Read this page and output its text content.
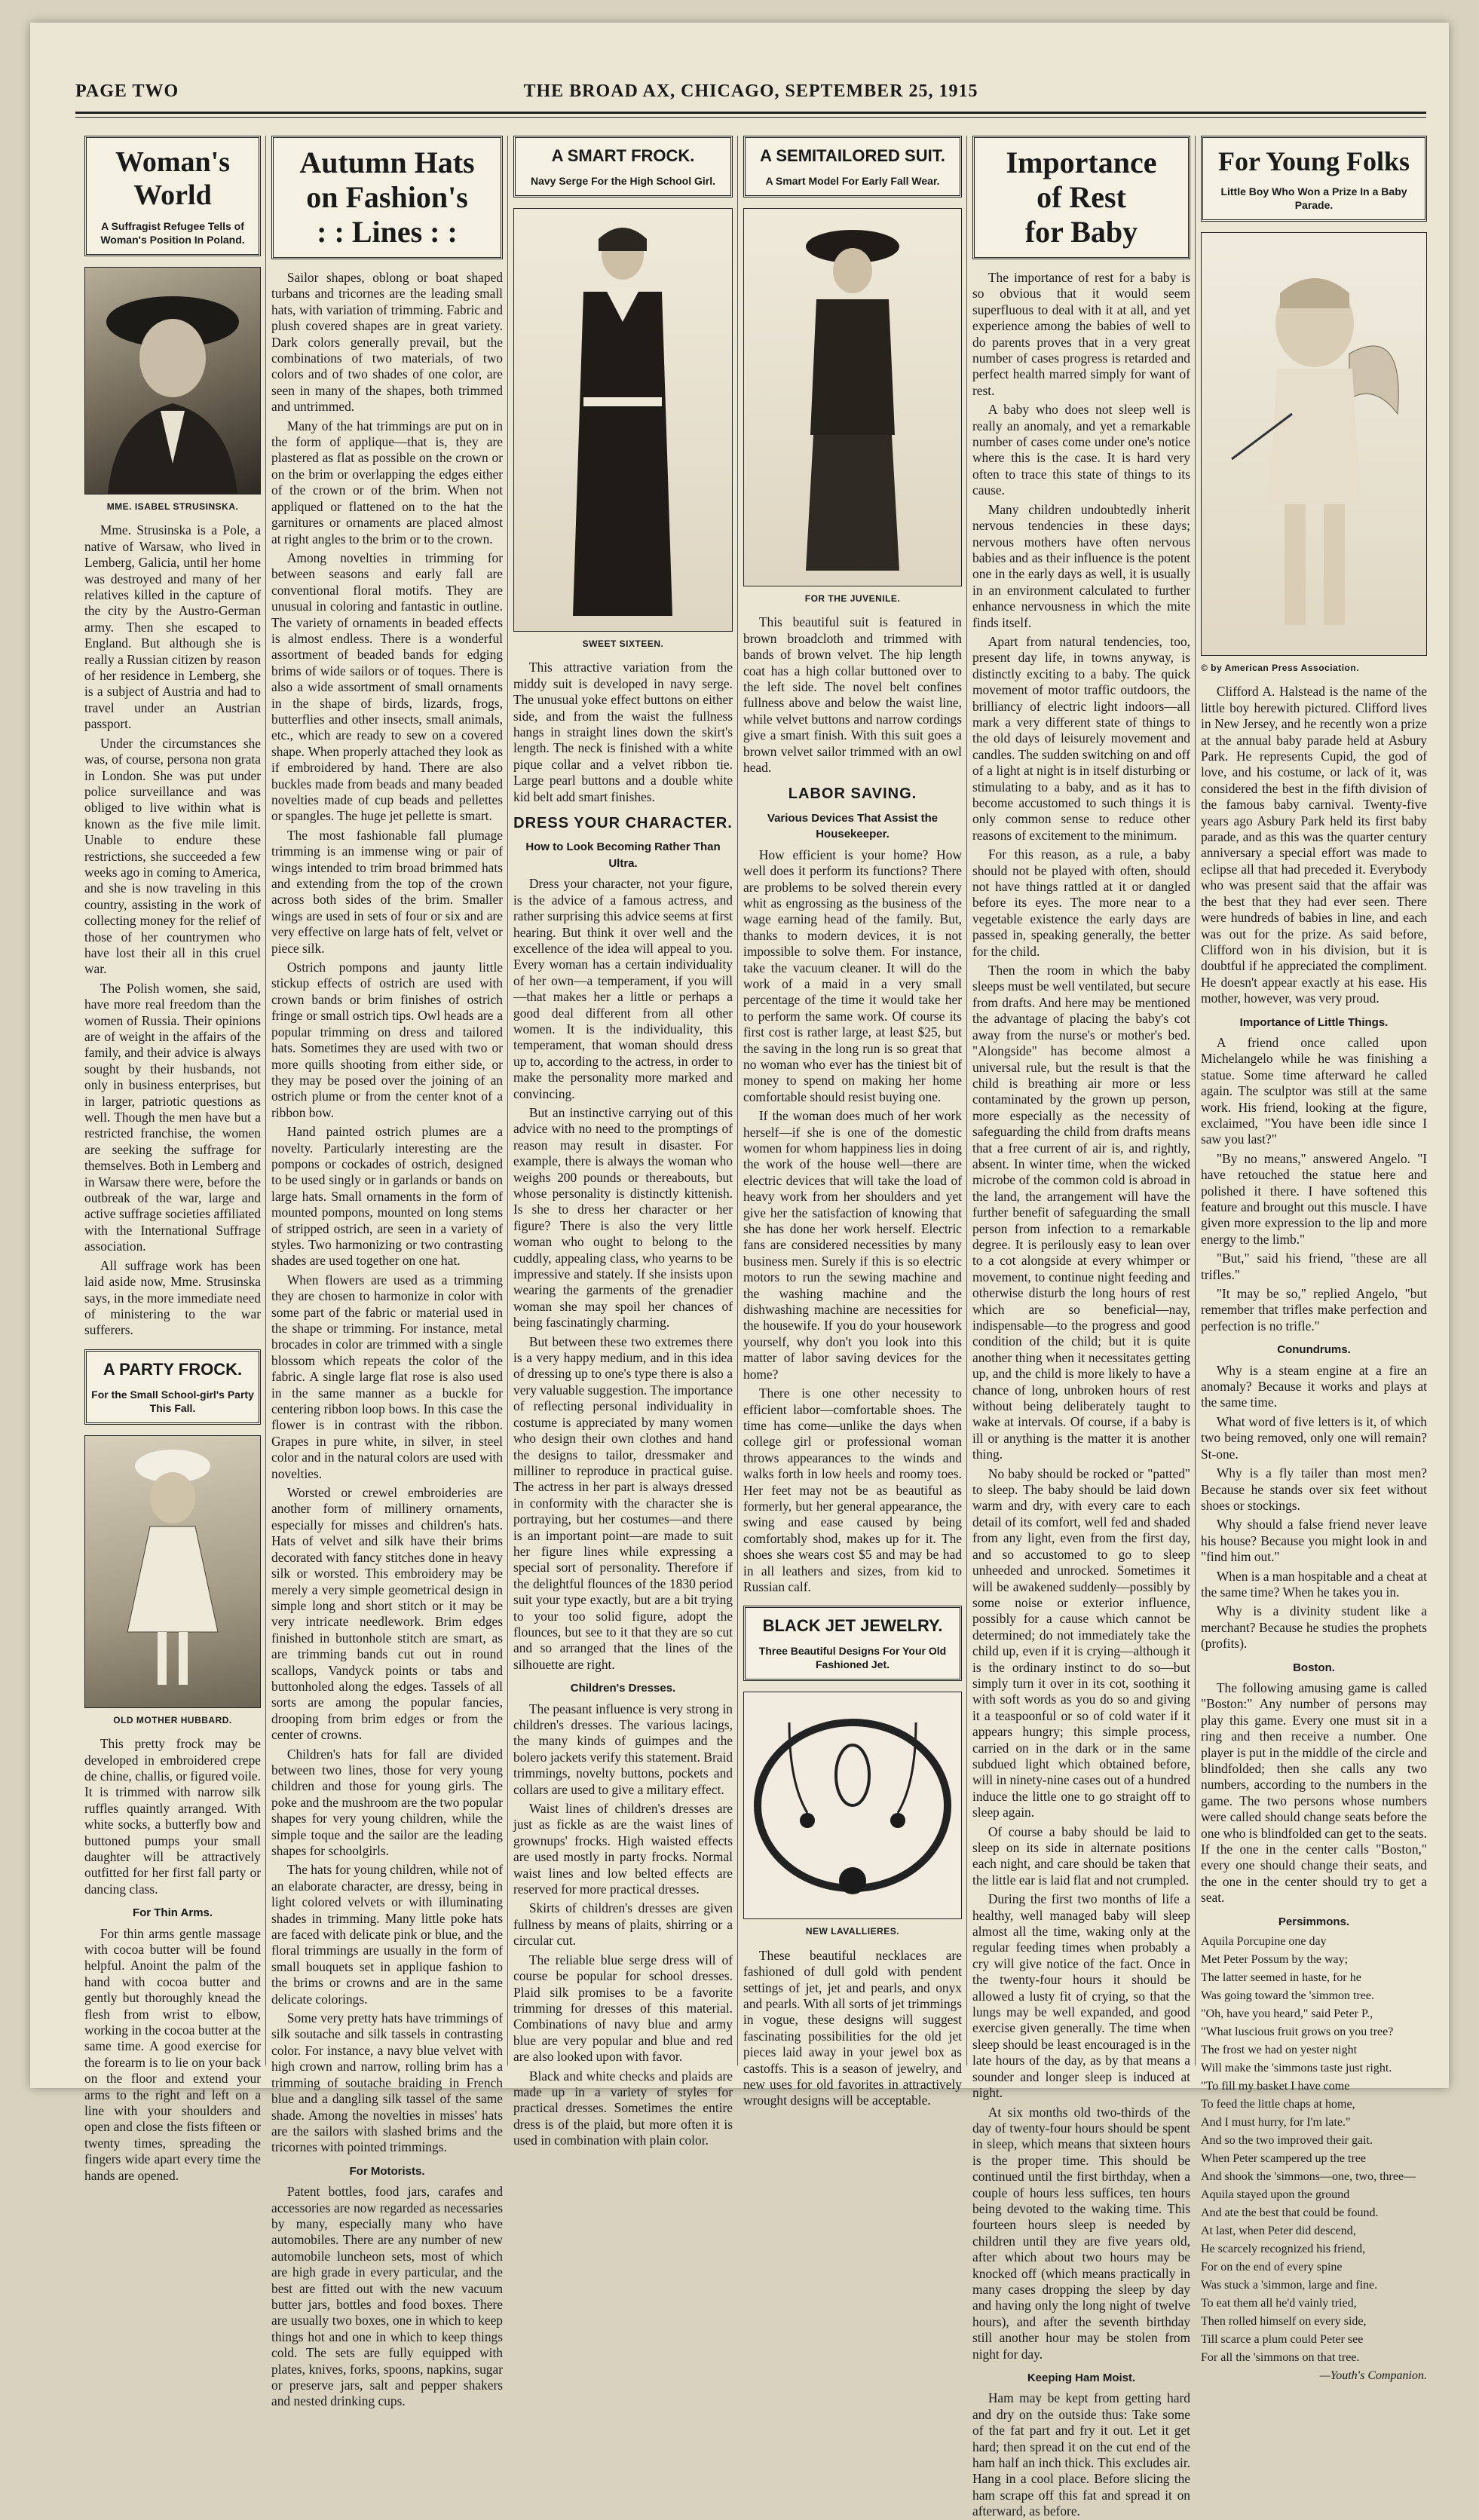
PAGE TWO	THE BROAD AX, CHICAGO, SEPTEMBER 25, 1915
Woman's World
A Suffragist Refugee Tells of Woman's Position In Poland.
MME. ISABEL STRUSINSKA.

Mme. Strusinska is a Pole, a native of Warsaw, who lived in Lemberg, Galicia, until her home was destroyed and many of her relatives killed in the capture of the city by the Austro-German army. Then she escaped to England. But although she is really a Russian citizen by reason of her residence in Lemberg, she is a subject of Austria and had to travel under an Austrian passport.

Under the circumstances she was, of course, persona non grata in London. She was put under police surveillance and was obliged to live within what is known as the five mile limit. Unable to endure these restrictions, she succeeded a few weeks ago in coming to America, and she is now traveling in this country, assisting in the work of collecting money for the relief of those of her countrymen who have lost their all in this cruel war.

The Polish women, she said, have more real freedom than the women of Russia. Their opinions are of weight in the affairs of the family, and their advice is always sought by their husbands, not only in business enterprises, but in larger, patriotic questions as well. Though the men have but a restricted franchise, the women are seeking the suffrage for themselves. Both in Lemberg and in Warsaw there were, before the outbreak of the war, large and active suffrage societies affiliated with the International Suffrage association.

All suffrage work has been laid aside now, Mme. Strusinska says, in the more immediate need of ministering to the war sufferers.

A PARTY FROCK.
For the Small School-girl's Party This Fall.
OLD MOTHER HUBBARD.

This pretty frock may be developed in embroidered crepe de chine, challis, or figured voile. It is trimmed with narrow silk ruffles quaintly arranged. With white socks, a butterfly bow and buttoned pumps your small daughter will be attractively outfitted for her first fall party or dancing class.

For Thin Arms.

For thin arms gentle massage with cocoa butter will be found helpful. Anoint the palm of the hand with cocoa butter and gently but thoroughly knead the flesh from wrist to elbow, working in the cocoa butter at the same time. A good exercise for the forearm is to lie on your back on the floor and extend your arms to the right and left on a line with your shoulders and open and close the fists fifteen or twenty times, spreading the fingers wide apart every time the hands are opened.

Autumn Hats
on Fashion's
: : Lines : :

Sailor shapes, oblong or boat shaped turbans and tricornes are the leading small hats, with variation of trimming. Fabric and plush covered shapes are in great variety. Dark colors generally prevail, but the combinations of two materials, of two colors and of two shades of one color, are seen in many of the shapes, both trimmed and untrimmed.

Many of the hat trimmings are put on in the form of applique—that is, they are plastered as flat as possible on the crown or on the brim or overlapping the edges either of the crown or of the brim. When not appliqued or flattened on to the hat the garnitures or ornaments are placed almost at right angles to the brim or to the crown.

Among novelties in trimming for between seasons and early fall are conventional floral motifs. They are unusual in coloring and fantastic in outline. The variety of ornaments in beaded effects is almost endless. There is a wonderful assortment of beaded bands for edging brims of wide sailors or of toques. There is also a wide assortment of small ornaments in the shape of birds, lizards, frogs, butterflies and other insects, small animals, etc., which are ready to sew on a covered shape. When properly attached they look as if embroidered by hand. There are also buckles made from beads and many beaded novelties made of cup beads and pellettes or spangles. The huge jet pellette is smart.

The most fashionable fall plumage trimming is an immense wing or pair of wings intended to trim broad brimmed hats and extending from the top of the crown across both sides of the brim. Smaller wings are used in sets of four or six and are very effective on large hats of felt, velvet or piece silk.

Ostrich pompons and jaunty little stickup effects of ostrich are used with crown bands or brim finishes of ostrich fringe or small ostrich tips. Owl heads are a popular trimming on dress and tailored hats. Sometimes they are used with two or more quills shooting from either side, or they may be posed over the joining of an ostrich plume or from the center knot of a ribbon bow.

Hand painted ostrich plumes are a novelty. Particularly interesting are the pompons or cockades of ostrich, designed to be used singly or in garlands or bands on large hats. Small ornaments in the form of mounted pompons, mounted on long stems of stripped ostrich, are seen in a variety of styles. Two harmonizing or two contrasting shades are used together on one hat.

When flowers are used as a trimming they are chosen to harmonize in color with some part of the fabric or material used in the shape or trimming. For instance, metal brocades in color are trimmed with a single blossom which repeats the color of the fabric. A single large flat rose is also used in the same manner as a buckle for centering ribbon loop bows. In this case the flower is in contrast with the ribbon. Grapes in pure white, in silver, in steel color and in the natural colors are used with novelties.

Worsted or crewel embroideries are another form of millinery ornaments, especially for misses and children's hats. Hats of velvet and silk have their brims decorated with fancy stitches done in heavy silk or worsted. This embroidery may be merely a very simple geometrical design in simple long and short stitch or it may be very intricate needlework. Brim edges finished in buttonhole stitch are smart, as are trimming bands cut out in round scallops, Vandyck points or tabs and buttonholed along the edges. Tassels of all sorts are among the popular fancies, drooping from brim edges or from the center of crowns.

Children's hats for fall are divided between two lines, those for very young children and those for young girls. The poke and the mushroom are the two popular shapes for very young children, while the simple toque and the sailor are the leading shapes for schoolgirls.

The hats for young children, while not of an elaborate character, are dressy, being in light colored velvets or with illuminating shades in trimming. Many little poke hats are faced with delicate pink or blue, and the floral trimmings are usually in the form of small bouquets set in applique fashion to the brims or crowns and are in the same delicate colorings.

Some very pretty hats have trimmings of silk soutache and silk tassels in contrasting color. For instance, a navy blue velvet with high crown and narrow, rolling brim has a trimming of soutache braiding in French blue and a dangling silk tassel of the same shade. Among the novelties in misses' hats are the sailors with slashed brims and the tricornes with pointed trimmings.

For Motorists.

Patent bottles, food jars, carafes and accessories are now regarded as necessaries by many, especially many who have automobiles. There are any number of new automobile luncheon sets, most of which are high grade in every particular, and the best are fitted out with the new vacuum butter jars, bottles and food boxes. There are usually two boxes, one in which to keep things hot and one in which to keep things cold. The sets are fully equipped with plates, knives, forks, spoons, napkins, sugar or preserve jars, salt and pepper shakers and nested drinking cups.

A SMART FROCK.
Navy Serge For the High School Girl.
SWEET SIXTEEN.

This attractive variation from the middy suit is developed in navy serge. The unusual yoke effect buttons on either side, and from the waist the fullness hangs in straight lines down the skirt's length. The neck is finished with a white pique collar and a velvet ribbon tie. Large pearl buttons and a double white kid belt add smart finishes.

DRESS YOUR CHARACTER.
How to Look Becoming Rather Than Ultra.

Dress your character, not your figure, is the advice of a famous actress, and rather surprising this advice seems at first hearing. But think it over well and the excellence of the idea will appeal to you. Every woman has a certain individuality of her own—a temperament, if you will—that makes her a little or perhaps a good deal different from all other women. It is the individuality, this temperament, that woman should dress up to, according to the actress, in order to make the personality more marked and convincing.

But an instinctive carrying out of this advice with no need to the promptings of reason may result in disaster. For example, there is always the woman who weighs 200 pounds or thereabouts, but whose personality is distinctly kittenish. Is she to dress her character or her figure? There is also the very little woman who ought to belong to the cuddly, appealing class, who yearns to be impressive and stately. If she insists upon wearing the garments of the grenadier woman she may spoil her chances of being fascinatingly charming.

But between these two extremes there is a very happy medium, and in this idea of dressing up to one's type there is also a very valuable suggestion. The importance of reflecting personal individuality in costume is appreciated by many women who design their own clothes and hand the designs to tailor, dressmaker and milliner to reproduce in practical guise. The actress in her part is always dressed in conformity with the character she is portraying, but her costumes—and there is an important point—are made to suit her figure lines while expressing a special sort of personality. Therefore if the delightful flounces of the 1830 period suit your type exactly, but are a bit trying to your too solid figure, adopt the flounces, but see to it that they are so cut and so arranged that the lines of the silhouette are right.

Children's Dresses.

The peasant influence is very strong in children's dresses. The various lacings, the many kinds of guimpes and the bolero jackets verify this statement. Braid trimmings, novelty buttons, pockets and collars are used to give a military effect.

Waist lines of children's dresses are just as fickle as are the waist lines of grownups' frocks. High waisted effects are used mostly in party frocks. Normal waist lines and low belted effects are reserved for more practical dresses.

Skirts of children's dresses are given fullness by means of plaits, shirring or a circular cut.

The reliable blue serge dress will of course be popular for school dresses. Plaid silk promises to be a favorite trimming for dresses of this material. Combinations of navy blue and army blue are very popular and blue and red are also looked upon with favor.

Black and white checks and plaids are made up in a variety of styles for practical dresses. Sometimes the entire dress is of the plaid, but more often it is used in combination with plain color.

A SEMITAILORED SUIT.
A Smart Model For Early Fall Wear.
FOR THE JUVENILE.

This beautiful suit is featured in brown broadcloth and trimmed with bands of brown velvet. The hip length coat has a high collar buttoned over to the left side. The novel belt confines fullness above and below the waist line, while velvet buttons and narrow cordings give a smart finish. With this suit goes a brown velvet sailor trimmed with an owl head.

LABOR SAVING.
Various Devices That Assist the Housekeeper.

How efficient is your home? How well does it perform its functions? There are problems to be solved therein every whit as engrossing as the business of the wage earning head of the family. But, thanks to modern devices, it is not impossible to solve them. For instance, take the vacuum cleaner. It will do the work of a maid in a very small percentage of the time it would take her to perform the same work. Of course its first cost is rather large, at least $25, but the saving in the long run is so great that no woman who ever has the tiniest bit of money to spend on making her home comfortable should resist buying one.

If the woman does much of her work herself—if she is one of the domestic women for whom happiness lies in doing the work of the house well—there are electric devices that will take the load of heavy work from her shoulders and yet give her the satisfaction of knowing that she has done her work herself. Electric fans are considered necessities by many business men. Surely if this is so electric motors to run the sewing machine and the washing machine and the dishwashing machine are necessities for the housewife. If you do your housework yourself, why don't you look into this matter of labor saving devices for the home?

There is one other necessity to efficient labor—comfortable shoes. The time has come—unlike the days when college girl or professional woman throws appearances to the winds and walks forth in low heels and roomy toes. Her feet may not be as beautiful as formerly, but her general appearance, the swing and ease caused by being comfortably shod, makes up for it. The shoes she wears cost $5 and may be had in all leathers and sizes, from kid to Russian calf.

BLACK JET JEWELRY.
Three Beautiful Designs For Your Old Fashioned Jet.
NEW LAVALLIERES.

These beautiful necklaces are fashioned of dull gold with pendent settings of jet, jet and pearls, and onyx and pearls. With all sorts of jet trimmings in vogue, these designs will suggest fascinating possibilities for the old jet pieces laid away in your jewel box as castoffs. This is a season of jewelry, and new uses for old favorites in attractively wrought designs will be acceptable.

Importance
of Rest
for Baby

The importance of rest for a baby is so obvious that it would seem superfluous to deal with it at all, and yet experience among the babies of well to do parents proves that in a very great number of cases progress is retarded and perfect health marred simply for want of rest.

A baby who does not sleep well is really an anomaly, and yet a remarkable number of cases come under one's notice where this is the case. It is hard very often to trace this state of things to its cause.

Many children undoubtedly inherit nervous tendencies in these days; nervous mothers have often nervous babies and as their influence is the potent one in the early days as well, it is usually in an environment calculated to further enhance nervousness in which the mite finds itself.

Apart from natural tendencies, too, present day life, in towns anyway, is distinctly exciting to a baby. The quick movement of motor traffic outdoors, the brilliancy of electric light indoors—all mark a very different state of things to the old days of leisurely movement and candles. The sudden switching on and off of a light at night is in itself disturbing or stimulating to a baby, and as it has to become accustomed to such things it is only common sense to reduce other reasons of excitement to the minimum.

For this reason, as a rule, a baby should not be played with often, should not have things rattled at it or dangled before its eyes. The more near to a vegetable existence the early days are passed in, speaking generally, the better for the child.

Then the room in which the baby sleeps must be well ventilated, but secure from drafts. And here may be mentioned the advantage of placing the baby's cot away from the nurse's or mother's bed. "Alongside" has become almost a universal rule, but the result is that the child is breathing air more or less contaminated by the grown up person, more especially as the necessity of safeguarding the child from drafts means that a free current of air is, and rightly, absent. In winter time, when the wicked microbe of the common cold is abroad in the land, the arrangement will have the further benefit of safeguarding the small person from infection to a remarkable degree. It is perilously easy to lean over to a cot alongside at every whimper or movement, to continue night feeding and otherwise disturb the long hours of rest which are so beneficial—nay, indispensable—to the progress and good condition of the child; but it is quite another thing when it necessitates getting up, and the child is more likely to have a chance of long, unbroken hours of rest without being deliberately taught to wake at intervals. Of course, if a baby is ill or anything is the matter it is another thing.

No baby should be rocked or "patted" to sleep. The baby should be laid down warm and dry, with every care to each detail of its comfort, well fed and shaded from any light, even from the first day, and so accustomed to go to sleep unheeded and unrocked. Sometimes it will be awakened suddenly—possibly by some noise or exterior influence, possibly for a cause which cannot be determined; do not immediately take the child up, even if it is crying—although it is the ordinary instinct to do so—but simply turn it over in its cot, soothing it with soft words as you do so and giving it a teaspoonful or so of cold water if it appears hungry; this simple process, carried on in the dark or in the same subdued light which obtained before, will in ninety-nine cases out of a hundred induce the little one to go straight off to sleep again.

Of course a baby should be laid to sleep on its side in alternate positions each night, and care should be taken that the little ear is laid flat and not crumpled.

During the first two months of life a healthy, well managed baby will sleep almost all the time, waking only at the regular feeding times when probably a cry will give notice of the fact. Once in the twenty-four hours it should be allowed a lusty fit of crying, so that the lungs may be well expanded, and good exercise given generally. The time when sleep should be least encouraged is in the late hours of the day, as by that means a sounder and longer sleep is induced at night.

At six months old two-thirds of the day of twenty-four hours should be spent in sleep, which means that sixteen hours is the proper time. This should be continued until the first birthday, when a couple of hours less suffices, ten hours being devoted to the waking time. This fourteen hours sleep is needed by children until they are five years old, after which about two hours may be knocked off (which means practically in many cases dropping the sleep by day and having only the long night of twelve hours), and after the seventh birthday still another hour may be stolen from night for day.

Keeping Ham Moist.

Ham may be kept from getting hard and dry on the outside thus: Take some of the fat part and fry it out. Let it get hard; then spread it on the cut end of the ham half an inch thick. This excludes air. Hang in a cool place. Before slicing the ham scrape off this fat and spread it on afterward, as before.

For Young Folks
Little Boy Who Won a Prize In a Baby Parade.
© by American Press Association.

Clifford A. Halstead is the name of the little boy herewith pictured. Clifford lives in New Jersey, and he recently won a prize at the annual baby parade held at Asbury Park. He represents Cupid, the god of love, and his costume, or lack of it, was considered the best in the fifth division of the famous baby carnival. Twenty-five years ago Asbury Park held its first baby parade, and as this was the quarter century anniversary a special effort was made to eclipse all that had preceded it. Everybody who was present said that the affair was the best that they had ever seen. There were hundreds of babies in line, and each was out for the prize. As said before, Clifford won in his division, but it is doubtful if he appreciated the compliment. He doesn't appear exactly at his ease. His mother, however, was very proud.

Importance of Little Things.

A friend once called upon Michelangelo while he was finishing a statue. Some time afterward he called again. The sculptor was still at the same work. His friend, looking at the figure, exclaimed, "You have been idle since I saw you last?"

"By no means," answered Angelo. "I have retouched the statue here and polished it there. I have softened this feature and brought out this muscle. I have given more expression to the lip and more energy to the limb."

"But," said his friend, "these are all trifles."

"It may be so," replied Angelo, "but remember that trifles make perfection and perfection is no trifle."

Conundrums.

Why is a steam engine at a fire an anomaly? Because it works and plays at the same time.

What word of five letters is it, of which two being removed, only one will remain? St-one.

Why is a fly tailer than most men? Because he stands over six feet without shoes or stockings.

Why should a false friend never leave his house? Because you might look in and "find him out."

When is a man hospitable and a cheat at the same time? When he takes you in.

Why is a divinity student like a merchant? Because he studies the prophets (profits).

Boston.

The following amusing game is called "Boston:" Any number of persons may play this game. Every one must sit in a ring and then receive a number. One player is put in the middle of the circle and blindfolded; then she calls any two numbers, according to the numbers in the game. The two persons whose numbers were called should change seats before the one who is blindfolded can get to the seats. If the one in the center calls "Boston," every one should change their seats, and the one in the center should try to get a seat.

Persimmons.

Aquila Porcupine one day

Met Peter Possum by the way;

The latter seemed in haste, for he

Was going toward the 'simmon tree.

"Oh, have you heard," said Peter P.,

"What luscious fruit grows on you tree?

The frost we had on yester night

Will make the 'simmons taste just right.

"To fill my basket I have come

To feed the little chaps at home,

And I must hurry, for I'm late."

And so the two improved their gait.

When Peter scampered up the tree

And shook the 'simmons—one, two, three—

Aquila stayed upon the ground

And ate the best that could be found.

At last, when Peter did descend,

He scarcely recognized his friend,

For on the end of every spine

Was stuck a 'simmon, large and fine.

To eat them all he'd vainly tried,

Then rolled himself on every side,

Till scarce a plum could Peter see

For all the 'simmons on that tree.

—Youth's Companion.
